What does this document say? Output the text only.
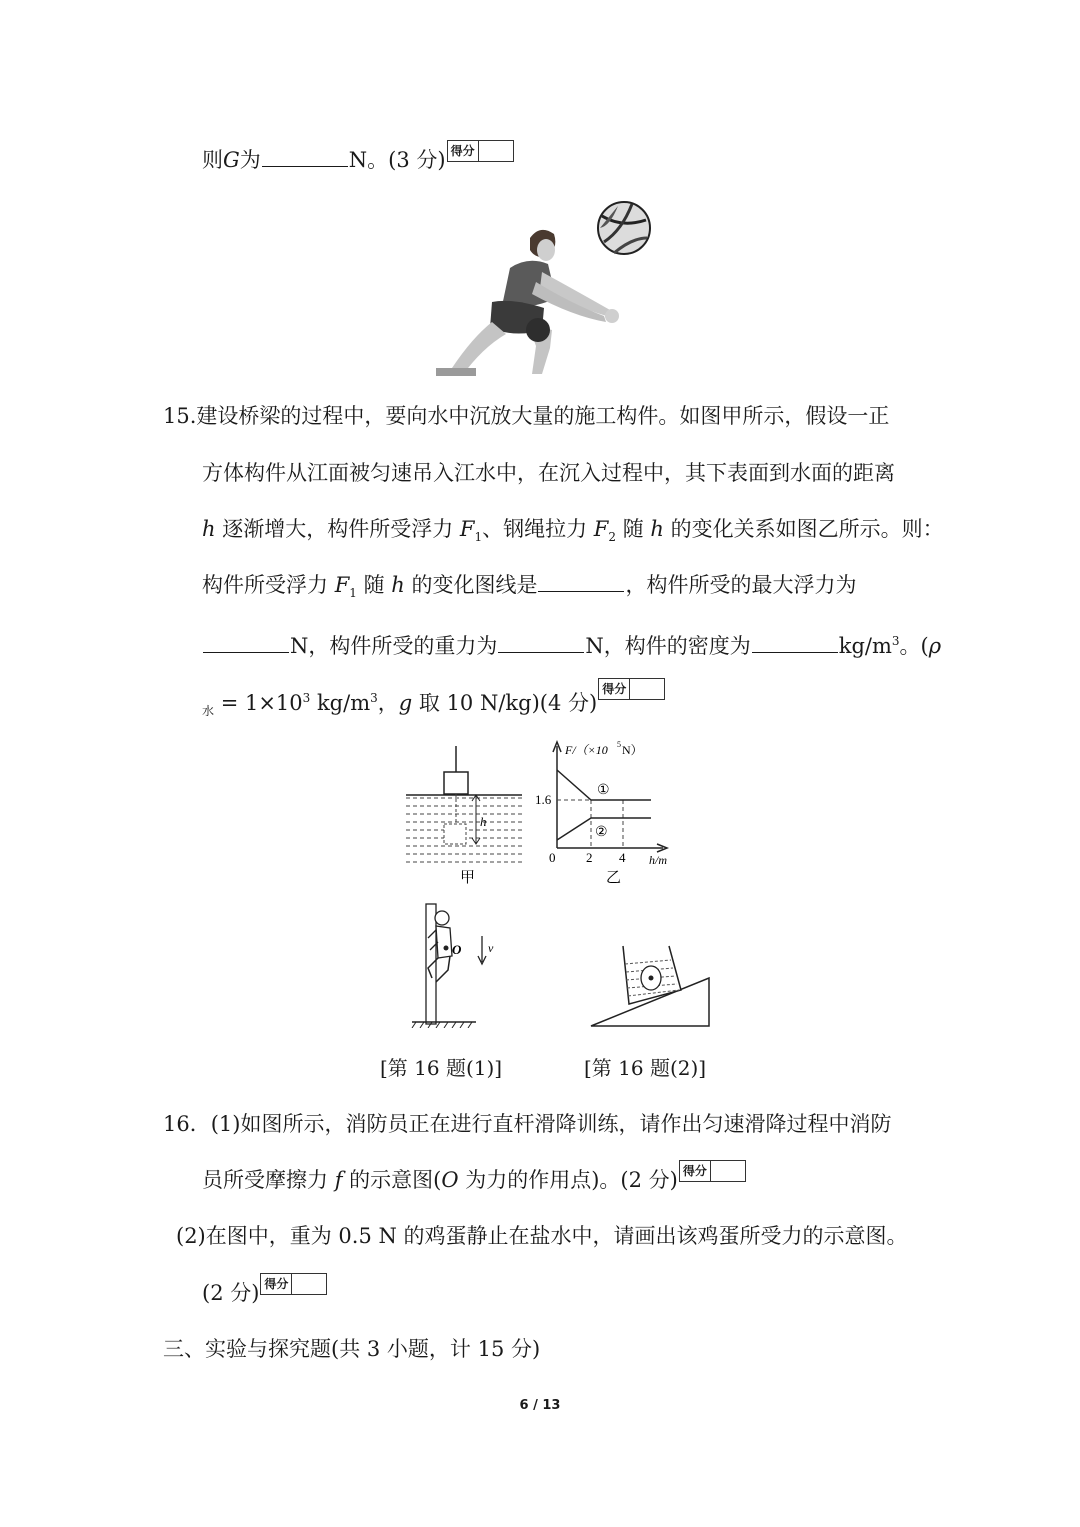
则G为	N。(3 分) 得分
15.建设桥梁的过程中，要向水中沉放大量的施工构件。如图甲所示，假设一正
方体构件从江面被匀速吊入江水中，在沉入过程中，其下表面到水面的距离
h 逐渐增大，构件所受浮力 $F_1$、钢绳拉力 $F_2$ 随 h 的变化关系如图乙所示。则：
构件所受浮力 $F_1$ 随 h 的变化图线是	，构件所受的最大浮力为
N，构件所受的重力为	N，构件的密度为	$kg/m^3$。(ρ
$_水 = 1\times 10^3$ $kg/m^3$，g 取 10 N/kg)(4 分)
得分
h
甲
F/（×10 5 N）
1.6
0 2 4 h/m
①
②
乙
O v
[第 16 题(1)]	[第 16 题(2)]
16．(1)如图所示，消防员正在进行直杆滑降训练，请作出匀速滑降过程中消防
员所受摩擦力 f 的示意图(O 为力的作用点)。(2 分) 得分
(2)在图中，重为 0.5 N 的鸡蛋静止在盐水中，请画出该鸡蛋所受力的示意图。
(2 分) 得分
三、实验与探究题(共 3 小题，计 15 分)
6 / 13
